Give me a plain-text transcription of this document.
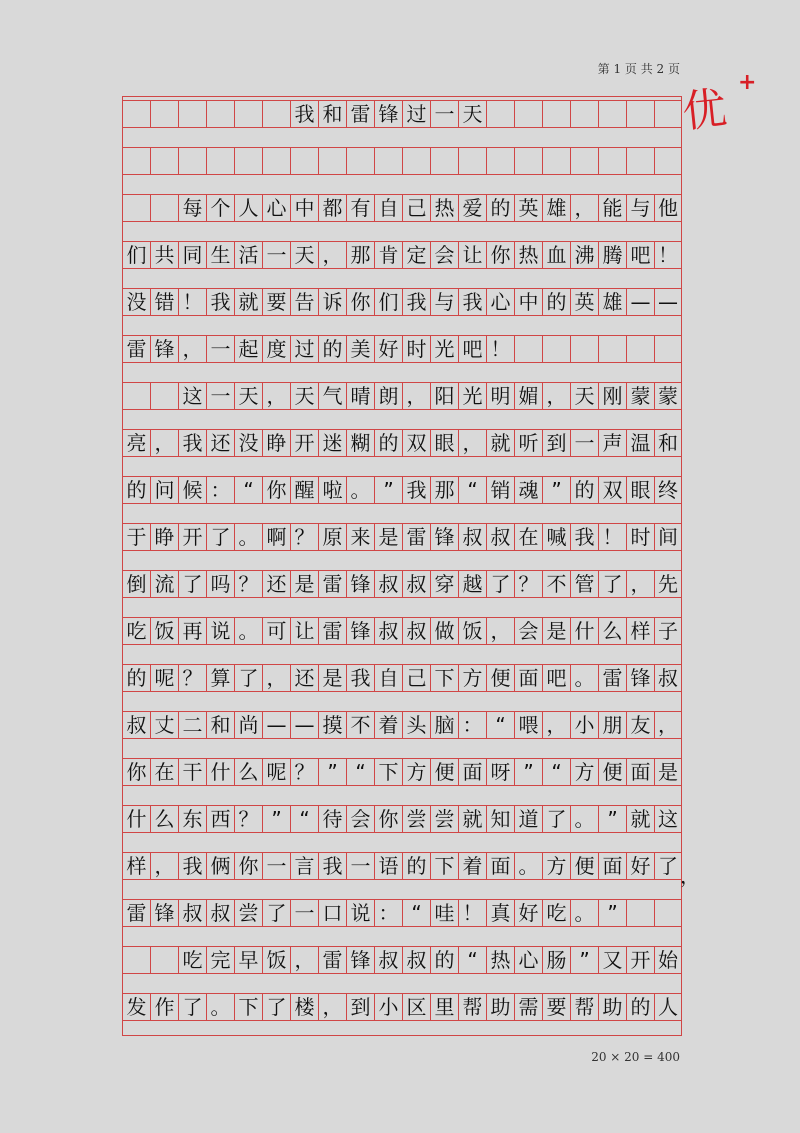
第 1 页 共 2 页
优
+
我 和 雷 锋 过 一 天
每 个 人 心 中 都 有 自 己 热 爱 的 英 雄 ， 能 与 他
们 共 同 生 活 一 天 ， 那 肯 定 会 让 你 热 血 沸 腾 吧 ！
没 错 ！ 我 就 要 告 诉 你 们 我 与 我 心 中 的 英 雄 — —
雷 锋 ， 一 起 度 过 的 美 好 时 光 吧 ！
这 一 天 ， 天 气 晴 朗 ， 阳 光 明 媚 ， 天 刚 蒙 蒙
亮 ， 我 还 没 睁 开 迷 糊 的 双 眼 ， 就 听 到 一 声 温 和
的 问 候 ： “ 你 醒 啦 。 ” 我 那 “ 销 魂 ” 的 双 眼 终
于 睁 开 了 。 啊 ？ 原 来 是 雷 锋 叔 叔 在 喊 我 ！ 时 间
倒 流 了 吗 ？ 还 是 雷 锋 叔 叔 穿 越 了 ？ 不 管 了 ， 先
吃 饭 再 说 。 可 让 雷 锋 叔 叔 做 饭 ， 会 是 什 么 样 子
的 呢 ？ 算 了 ， 还 是 我 自 己 下 方 便 面 吧 。 雷 锋 叔
叔 丈 二 和 尚 — — 摸 不 着 头 脑 ： “ 喂 ， 小 朋 友 ，
你 在 干 什 么 呢 ？ ” “ 下 方 便 面 呀 ” “ 方 便 面 是
什 么 东 西 ？ ” “ 待 会 你 尝 尝 就 知 道 了 。 ” 就 这
样 ， 我 俩 你 一 言 我 一 语 的 下 着 面 。 方 便 面 好 了
雷 锋 叔 叔 尝 了 一 口 说 ： “ 哇 ！ 真 好 吃 。 ”
吃 完 早 饭 ， 雷 锋 叔 叔 的 “ 热 心 肠 ” 又 开 始
发 作 了 。 下 了 楼 ， 到 小 区 里 帮 助 需 要 帮 助 的 人
，
20 × 20 = 400
